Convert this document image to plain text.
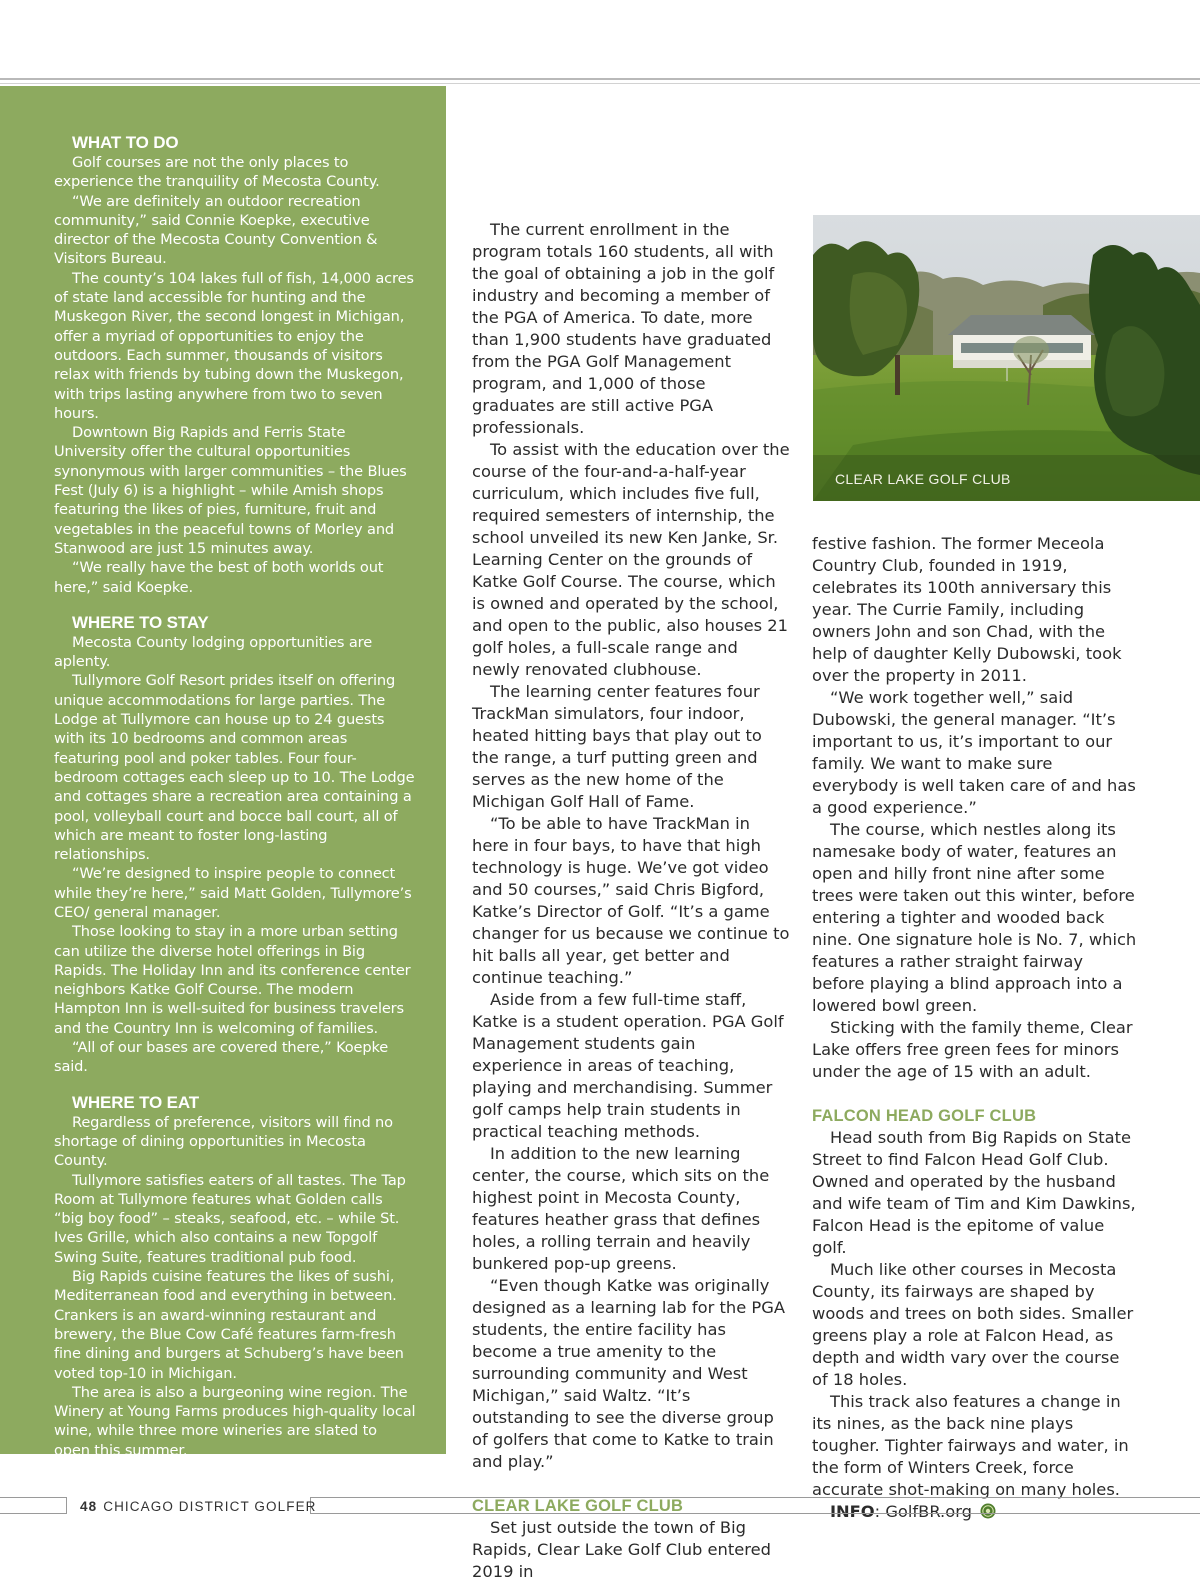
WHAT TO DO

Golf courses are not the only places to experience the tranquility of Mecosta County.

“We are definitely an outdoor recreation community,” said Connie Koepke, executive director of the Mecosta County Convention & Visitors Bureau.

The county’s 104 lakes full of fish, 14,000 acres of state land accessible for hunting and the Muskegon River, the second longest in Michigan, offer a myriad of opportunities to enjoy the outdoors. Each summer, thousands of visitors relax with friends by tubing down the Muskegon, with trips lasting anywhere from two to seven hours.

Downtown Big Rapids and Ferris State University offer the cultural opportunities synonymous with larger communities – the Blues Fest (July 6) is a highlight – while Amish shops featuring the likes of pies, furniture, fruit and vegetables in the peaceful towns of Morley and Stanwood are just 15 minutes away.

“We really have the best of both worlds out here,” said Koepke.

WHERE TO STAY

Mecosta County lodging opportunities are aplenty.

Tullymore Golf Resort prides itself on offering unique accommodations for large parties. The Lodge at Tullymore can house up to 24 guests with its 10 bedrooms and common areas featuring pool and poker tables. Four four-bedroom cottages each sleep up to 10. The Lodge and cottages share a recreation area containing a pool, volleyball court and bocce ball court, all of which are meant to foster long-lasting relationships.

“We’re designed to inspire people to connect while they’re here,” said Matt Golden, Tullymore’s CEO/ general manager.

Those looking to stay in a more urban setting can utilize the diverse hotel offerings in Big Rapids. The Holiday Inn and its conference center neighbors Katke Golf Course. The modern Hampton Inn is well-suited for business travelers and the Country Inn is welcoming of families.

“All of our bases are covered there,” Koepke said.

WHERE TO EAT

Regardless of preference, visitors will find no shortage of dining opportunities in Mecosta County.

Tullymore satisfies eaters of all tastes. The Tap Room at Tullymore features what Golden calls “big boy food” – steaks, seafood, etc. – while St. Ives Grille, which also contains a new Topgolf Swing Suite, features traditional pub food.

Big Rapids cuisine features the likes of sushi, Mediterranean food and everything in between. Crankers is an award-winning restaurant and brewery, the Blue Cow Café features farm-fresh fine dining and burgers at Schuberg’s have been voted top-10 in Michigan.

The area is also a burgeoning wine region. The Winery at Young Farms produces high-quality local wine, while three more wineries are slated to open this summer.

INFO: BigRapids.org

— Casey Richards

The current enrollment in the program totals 160 students, all with the goal of obtaining a job in the golf industry and becoming a member of the PGA of America. To date, more than 1,900 students have graduated from the PGA Golf Management program, and 1,000 of those graduates are still active PGA professionals.

To assist with the education over the course of the four-and-a-half-year curriculum, which includes five full, required semesters of internship, the school unveiled its new Ken Janke, Sr. Learning Center on the grounds of Katke Golf Course. The course, which is owned and operated by the school, and open to the public, also houses 21 golf holes, a full-scale range and newly renovated clubhouse.

The learning center features four TrackMan simulators, four indoor, heated hitting bays that play out to the range, a turf putting green and serves as the new home of the Michigan Golf Hall of Fame.

“To be able to have TrackMan in here in four bays, to have that high technology is huge. We’ve got video and 50 courses,” said Chris Bigford, Katke’s Director of Golf. “It’s a game changer for us because we continue to hit balls all year, get better and continue teaching.”

Aside from a few full-time staff, Katke is a student operation. PGA Golf Management students gain experience in areas of teaching, playing and merchandising. Summer golf camps help train students in practical teaching methods.

In addition to the new learning center, the course, which sits on the highest point in Mecosta County, features heather grass that defines holes, a rolling terrain and heavily bunkered pop-up greens.

“Even though Katke was originally designed as a learning lab for the PGA students, the entire facility has become a true amenity to the surrounding community and West Michigan,” said Waltz. “It’s outstanding to see the diverse group of golfers that come to Katke to train and play.”

CLEAR LAKE GOLF CLUB

Set just outside the town of Big Rapids, Clear Lake Golf Club entered 2019 in

CLEAR LAKE GOLF CLUB

festive fashion. The former Meceola Country Club, founded in 1919, celebrates its 100th anniversary this year. The Currie Family, including owners John and son Chad, with the help of daughter Kelly Dubowski, took over the property in 2011.

“We work together well,” said Dubowski, the general manager. “It’s important to us, it’s important to our family. We want to make sure everybody is well taken care of and has a good experience.”

The course, which nestles along its namesake body of water, features an open and hilly front nine after some trees were taken out this winter, before entering a tighter and wooded back nine. One signature hole is No. 7, which features a rather straight fairway before playing a blind approach into a lowered bowl green.

Sticking with the family theme, Clear Lake offers free green fees for minors under the age of 15 with an adult.

FALCON HEAD GOLF CLUB

Head south from Big Rapids on State Street to find Falcon Head Golf Club. Owned and operated by the husband and wife team of Tim and Kim Dawkins, Falcon Head is the epitome of value golf.

Much like other courses in Mecosta County, its fairways are shaped by woods and trees on both sides. Smaller greens play a role at Falcon Head, as depth and width vary over the course of 18 holes.

This track also features a change in its nines, as the back nine plays tougher. Tighter fairways and water, in the form of Winters Creek, force accurate shot-making on many holes.

INFO: GolfBR.org

48 CHICAGO DISTRICT GOLFER
